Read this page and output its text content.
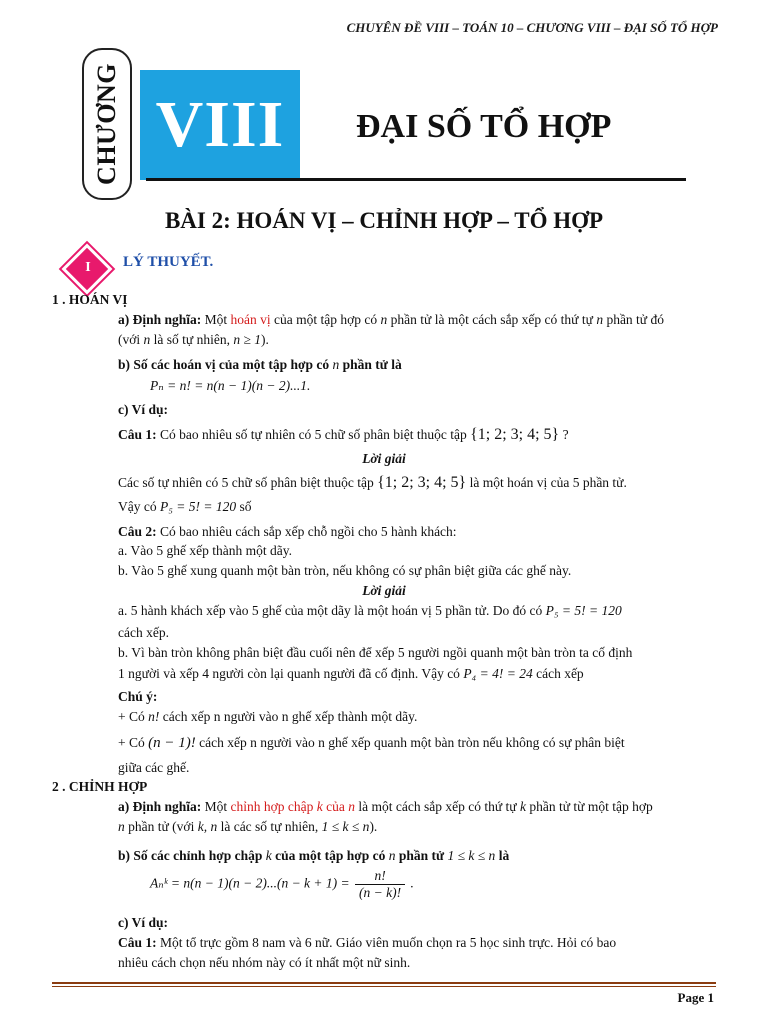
CHUYÊN ĐỀ VIII – TOÁN 10 – CHƯƠNG VIII – ĐẠI SỐ TỔ HỢP
CHƯƠNG VIII ĐẠI SỐ TỔ HỢP
BÀI 2: HOÁN VỊ – CHỈNH HỢP – TỔ HỢP
I	LÝ THUYẾT.
1 . HOÁN VỊ
a) Định nghĩa: Một hoán vị của một tập hợp có n phần tử là một cách sắp xếp có thứ tự n phần tử đó
(với n là số tự nhiên, n ≥ 1).
b) Số các hoán vị của một tập hợp có n phần tử là
Pₙ = n! = n(n − 1)(n − 2)...1.
c) Ví dụ:
Câu 1: Có bao nhiêu số tự nhiên có 5 chữ số phân biệt thuộc tập {1; 2; 3; 4; 5} ?
Lời giải
Các số tự nhiên có 5 chữ số phân biệt thuộc tập {1; 2; 3; 4; 5} là một hoán vị của 5 phần tử.
Vậy có P₅ = 5! = 120 số
Câu 2: Có bao nhiêu cách sắp xếp chỗ ngồi cho 5 hành khách:
a. Vào 5 ghế xếp thành một dãy.
b. Vào 5 ghế xung quanh một bàn tròn, nếu không có sự phân biệt giữa các ghế này.
Lời giải
a. 5 hành khách xếp vào 5 ghế của một dãy là một hoán vị 5 phần tử. Do đó có P₅ = 5! = 120
cách xếp.
b. Vì bàn tròn không phân biệt đầu cuối nên để xếp 5 người ngồi quanh một bàn tròn ta cố định
1 người và xếp 4 người còn lại quanh người đã cố định. Vậy có P₄ = 4! = 24 cách xếp
Chú ý:
+ Có n! cách xếp n người vào n ghế xếp thành một dãy.
+ Có (n − 1)! cách xếp n người vào n ghế xếp quanh một bàn tròn nếu không có sự phân biệt
giữa các ghế.
2 . CHỈNH HỢP
a) Định nghĩa: Một chỉnh hợp chập k của n là một cách sắp xếp có thứ tự k phần tử từ một tập hợp
n phần tử (với k, n là các số tự nhiên, 1 ≤ k ≤ n).
b) Số các chỉnh hợp chập k của một tập hợp có n phần tử 1 ≤ k ≤ n là
Aₙᵏ = $n(n - 1)(n - 2)...(n - k + 1) = \frac{n!}{(n - k)!}$ .
c) Ví dụ:
Câu 1: Một tổ trực gồm 8 nam và 6 nữ. Giáo viên muốn chọn ra 5 học sinh trực. Hỏi có bao
nhiêu cách chọn nếu nhóm này có ít nhất một nữ sinh.
Page 1
